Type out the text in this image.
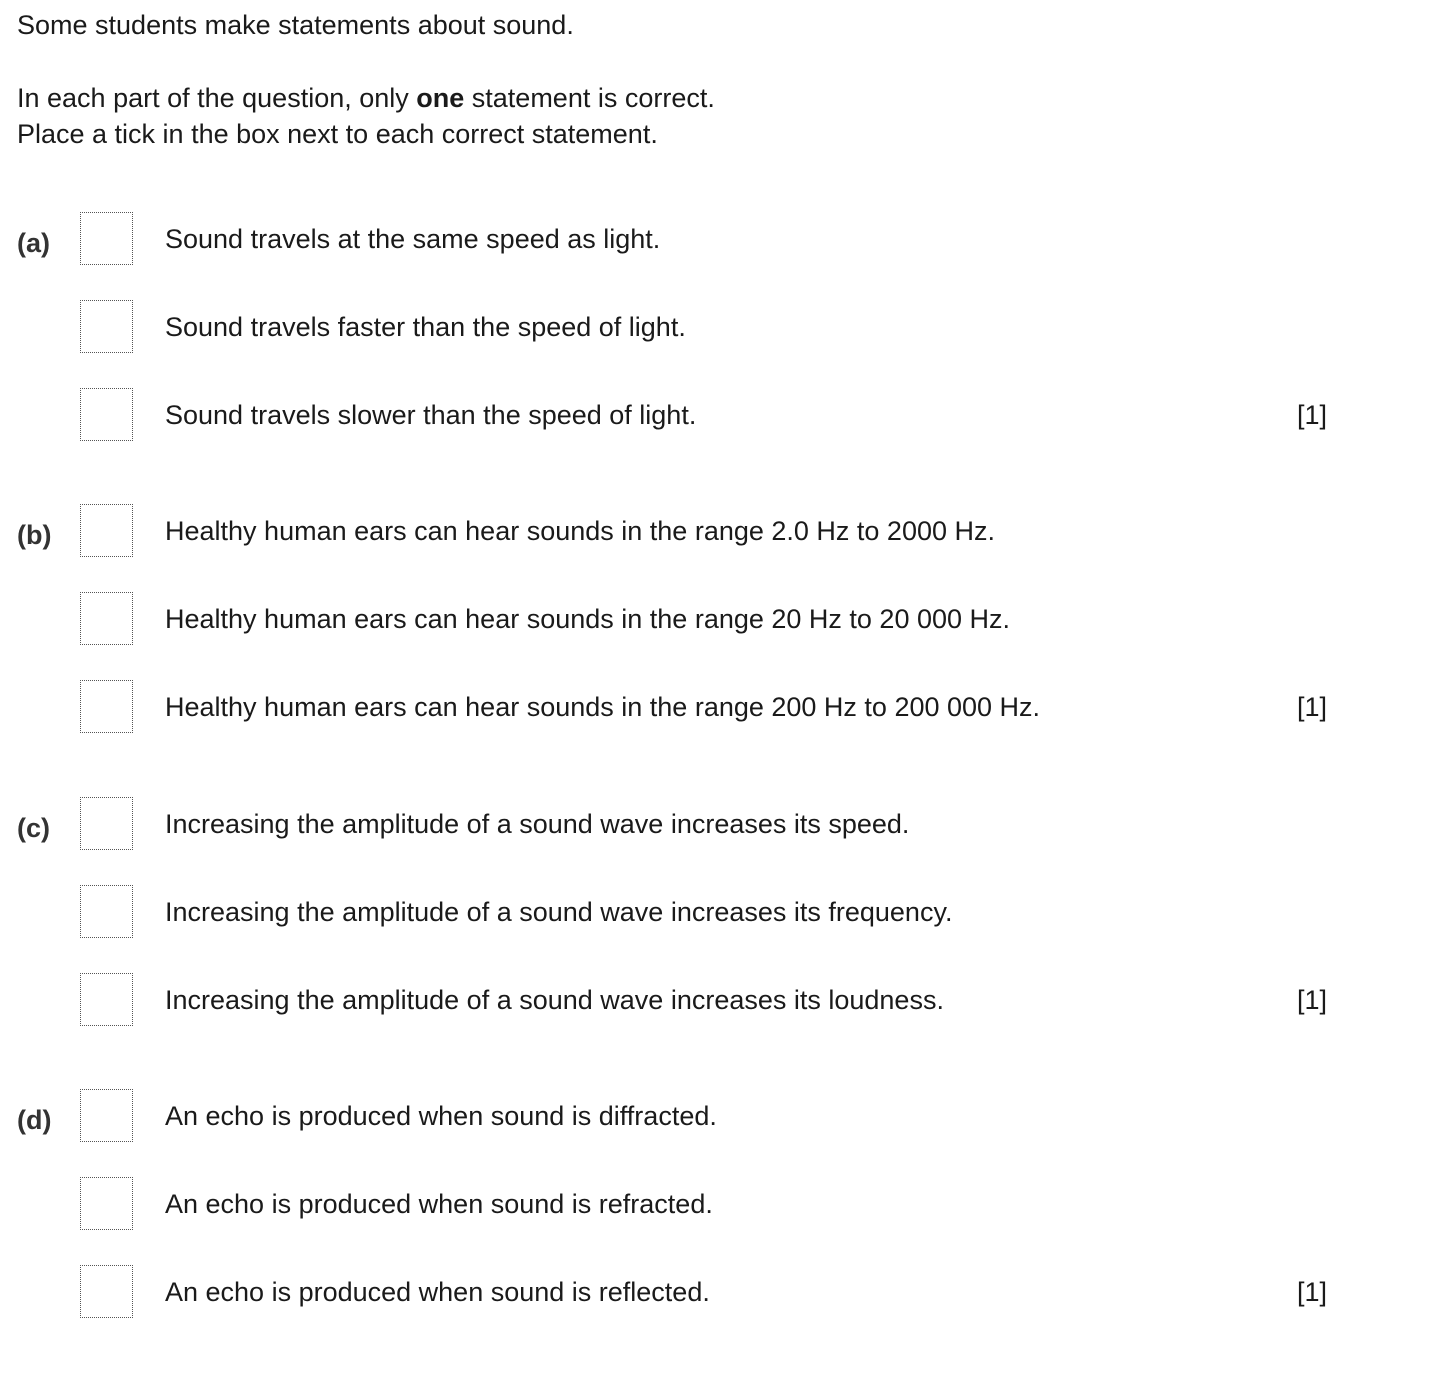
Some students make statements about sound.
In each part of the question, only one statement is correct.
Place a tick in the box next to each correct statement.
(a)	Sound travels at the same speed as light.
Sound travels faster than the speed of light.
Sound travels slower than the speed of light.	[1]
(b)	Healthy human ears can hear sounds in the range 2.0 Hz to 2000 Hz.
Healthy human ears can hear sounds in the range 20 Hz to 20 000 Hz.
Healthy human ears can hear sounds in the range 200 Hz to 200 000 Hz.	[1]
(c)	Increasing the amplitude of a sound wave increases its speed.
Increasing the amplitude of a sound wave increases its frequency.
Increasing the amplitude of a sound wave increases its loudness.	[1]
(d)	An echo is produced when sound is diffracted.
An echo is produced when sound is refracted.
An echo is produced when sound is reflected.	[1]
